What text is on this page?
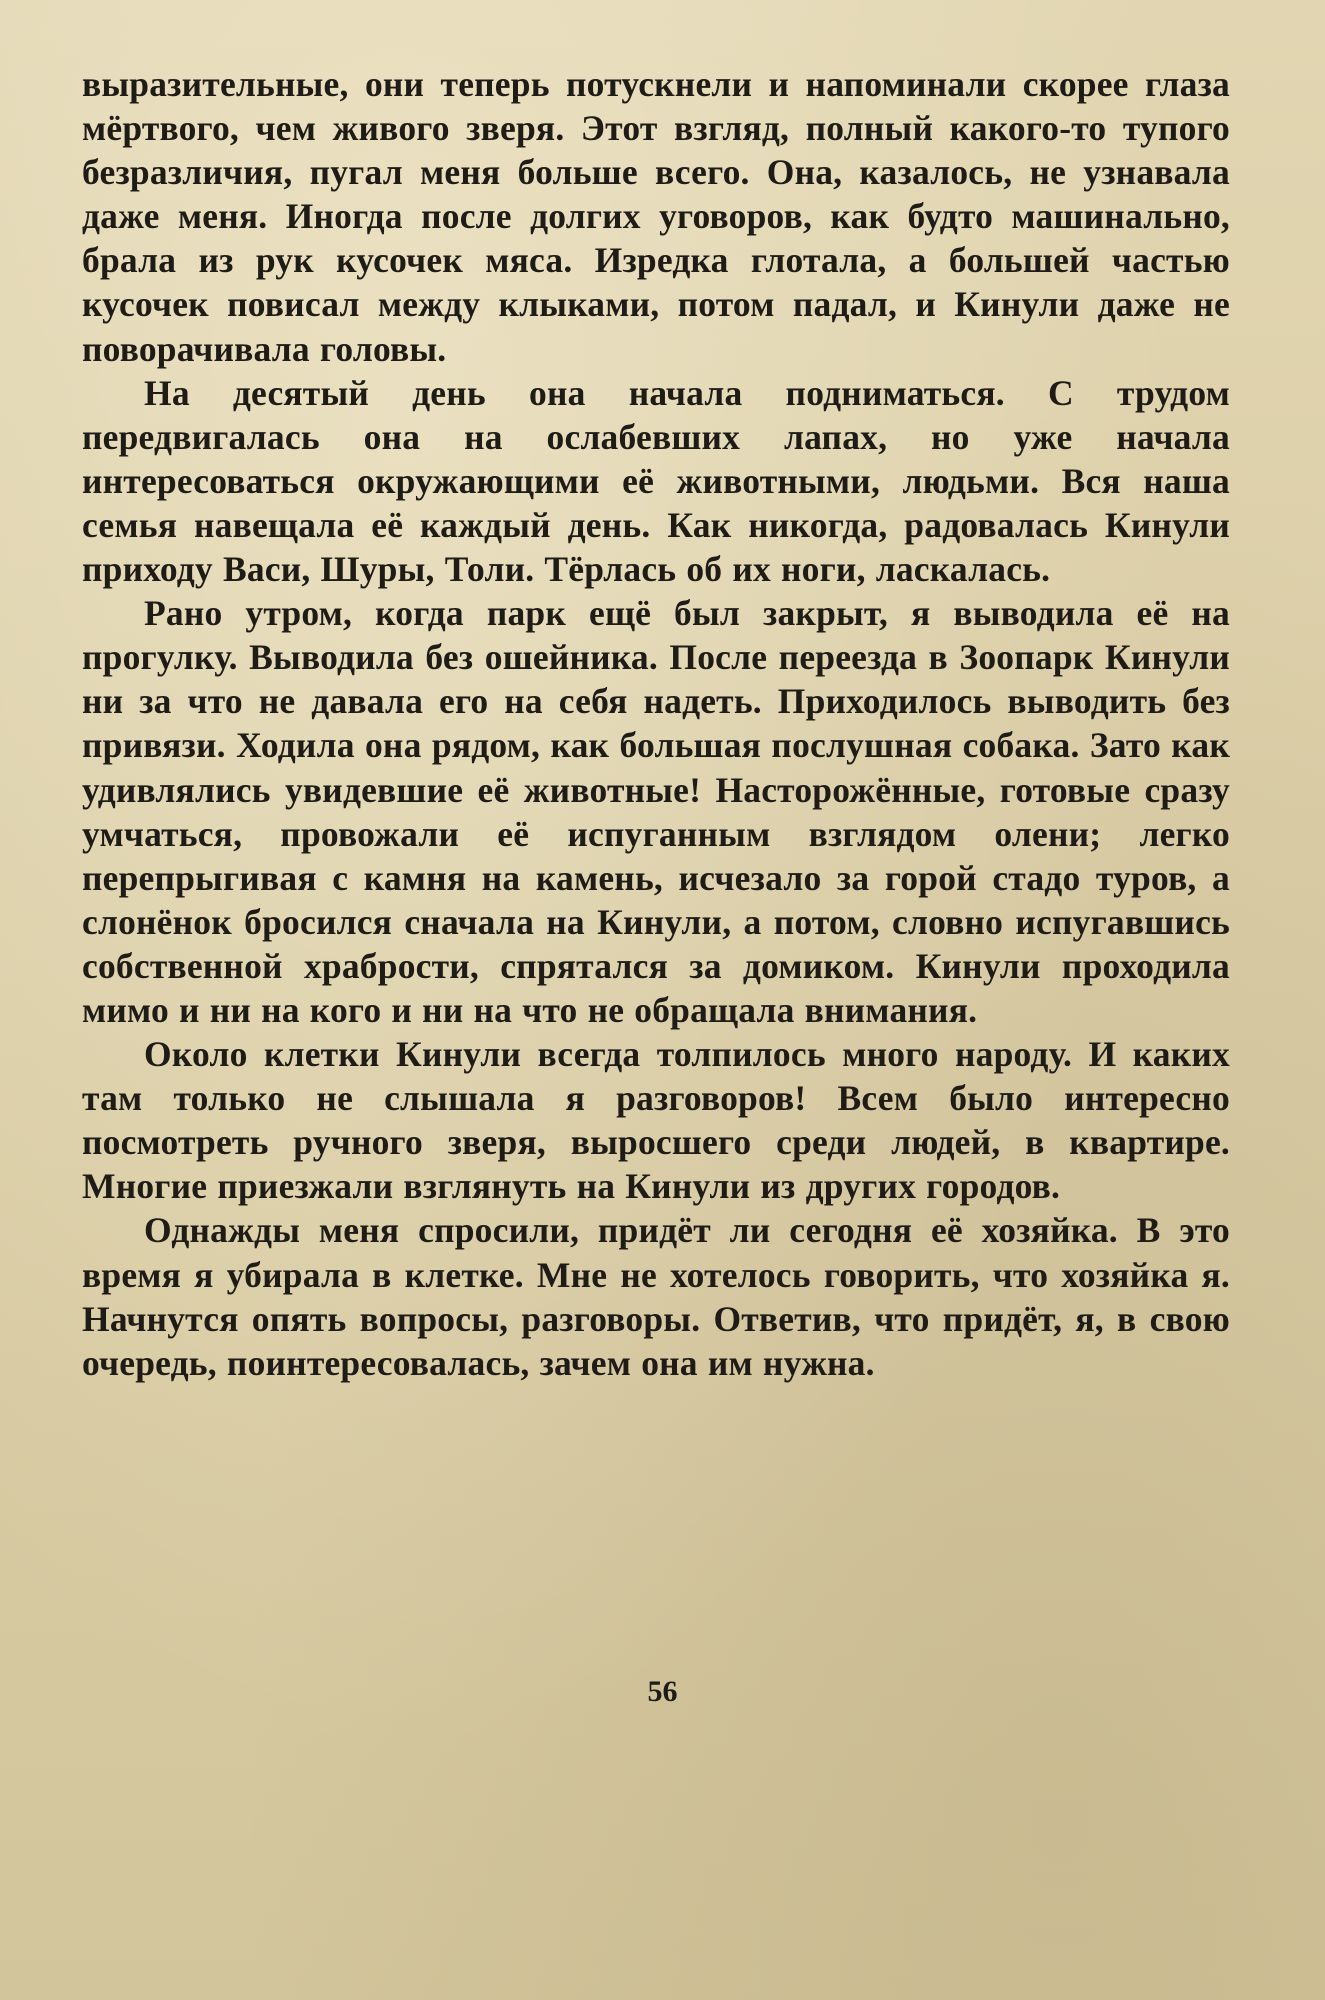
выразительные, они теперь потускнели и напоминали скорее глаза мёртвого, чем живого зверя. Этот взгляд, полный какого-то тупого безразличия, пугал меня больше всего. Она, казалось, не узнавала даже меня. Иногда после долгих уговоров, как будто машинально, брала из рук кусочек мяса. Изредка глотала, а большей частью кусочек повисал между клыками, потом падал, и Кинули даже не поворачивала головы.

На десятый день она начала подниматься. С трудом передвигалась она на ослабевших лапах, но уже начала интересоваться окружающими её животными, людьми. Вся наша семья навещала её каждый день. Как никогда, радовалась Кинули приходу Васи, Шуры, Толи. Тёрлась об их ноги, ласкалась.

Рано утром, когда парк ещё был закрыт, я выводила её на прогулку. Выводила без ошейника. После переезда в Зоопарк Кинули ни за что не давала его на себя надеть. Приходилось выводить без привязи. Ходила она рядом, как большая послушная собака. Зато как удивлялись увидевшие её животные! Насторожённые, готовые сразу умчаться, провожали её испуганным взглядом олени; легко перепрыгивая с камня на камень, исчезало за горой стадо туров, а слонёнок бросился сначала на Кинули, а потом, словно испугавшись собственной храбрости, спрятался за домиком. Кинули проходила мимо и ни на кого и ни на что не обращала внимания.

Около клетки Кинули всегда толпилось много народу. И каких там только не слышала я разговоров! Всем было интересно посмотреть ручного зверя, выросшего среди людей, в квартире. Многие приезжали взглянуть на Кинули из других городов.

Однажды меня спросили, придёт ли сегодня её хозяйка. В это время я убирала в клетке. Мне не хотелось говорить, что хозяйка я. Начнутся опять вопросы, разговоры. Ответив, что придёт, я, в свою очередь, поинтересовалась, зачем она им нужна.

56
